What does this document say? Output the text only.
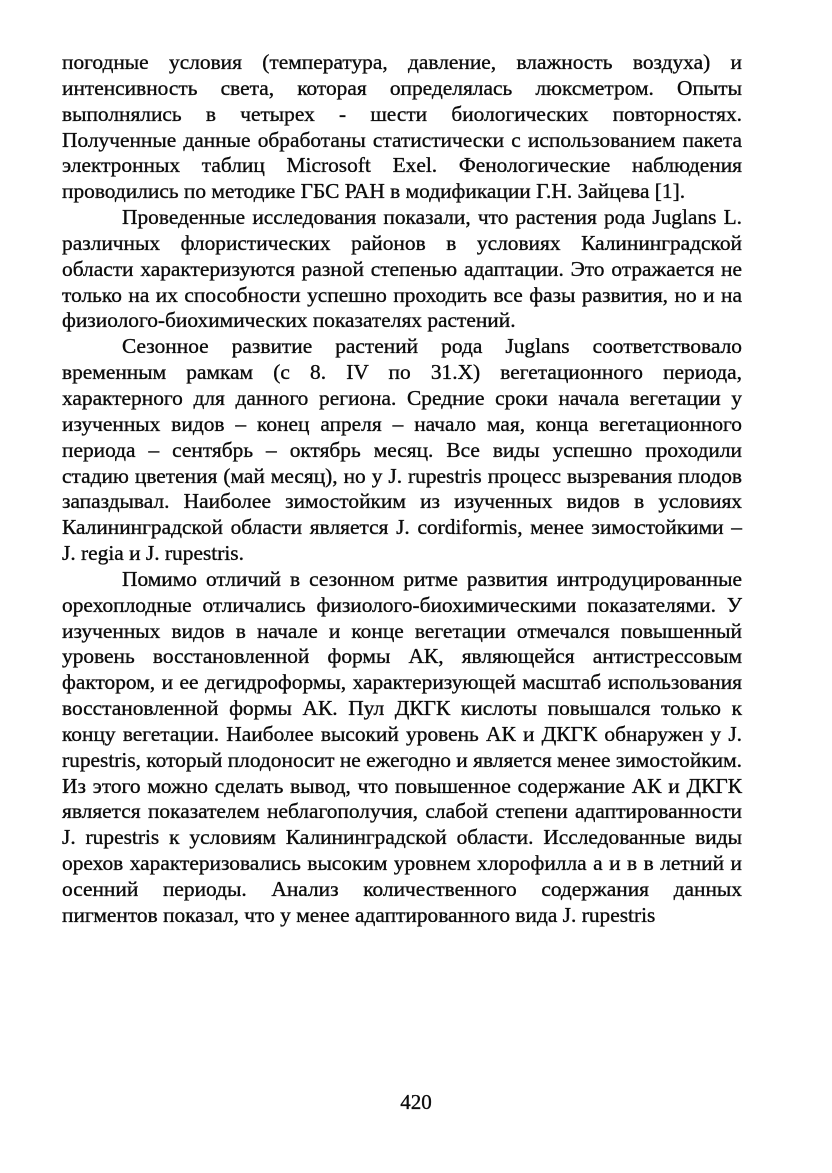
погодные условия (температура, давление, влажность воздуха) и интенсивность света, которая определялась люксметром. Опыты выполнялись в четырех - шести биологических повторностях. Полученные данные обработаны статистически с использованием пакета электронных таблиц Microsoft Exel. Фенологические наблюдения проводились по методике ГБС РАН в модификации Г.Н. Зайцева [1].

Проведенные исследования показали, что растения рода Juglans L. различных флористических районов в условиях Калининградской области характеризуются разной степенью адаптации. Это отражается не только на их способности успешно проходить все фазы развития, но и на физиолого-биохимических показателях растений.

Сезонное развитие растений рода Juglans соответствовало временным рамкам (с 8. IV по 31.X) вегетационного периода, характерного для данного региона. Средние сроки начала вегетации у изученных видов – конец апреля – начало мая, конца вегетационного периода – сентябрь – октябрь месяц. Все виды успешно проходили стадию цветения (май месяц), но у J. rupestris процесс вызревания плодов запаздывал. Наиболее зимостойким из изученных видов в условиях Калининградской области является J. cordiformis, менее зимостойкими – J. regia и J. rupestris.

Помимо отличий в сезонном ритме развития интродуцированные орехоплодные отличались физиолого-биохимическими показателями. У изученных видов в начале и конце вегетации отмечался повышенный уровень восстановленной формы АК, являющейся антистрессовым фактором, и ее дегидроформы, характеризующей масштаб использования восстановленной формы АК. Пул ДКГК кислоты повышался только к концу вегетации. Наиболее высокий уровень АК и ДКГК обнаружен у J. rupestris, который плодоносит не ежегодно и является менее зимостойким. Из этого можно сделать вывод, что повышенное содержание АК и ДКГК является показателем неблагополучия, слабой степени адаптированности J. rupestris к условиям Калининградской области. Исследованные виды орехов характеризовались высоким уровнем хлорофилла а и в в летний и осенний периоды. Анализ количественного содержания данных пигментов показал, что у менее адаптированного вида J. rupestris

420
